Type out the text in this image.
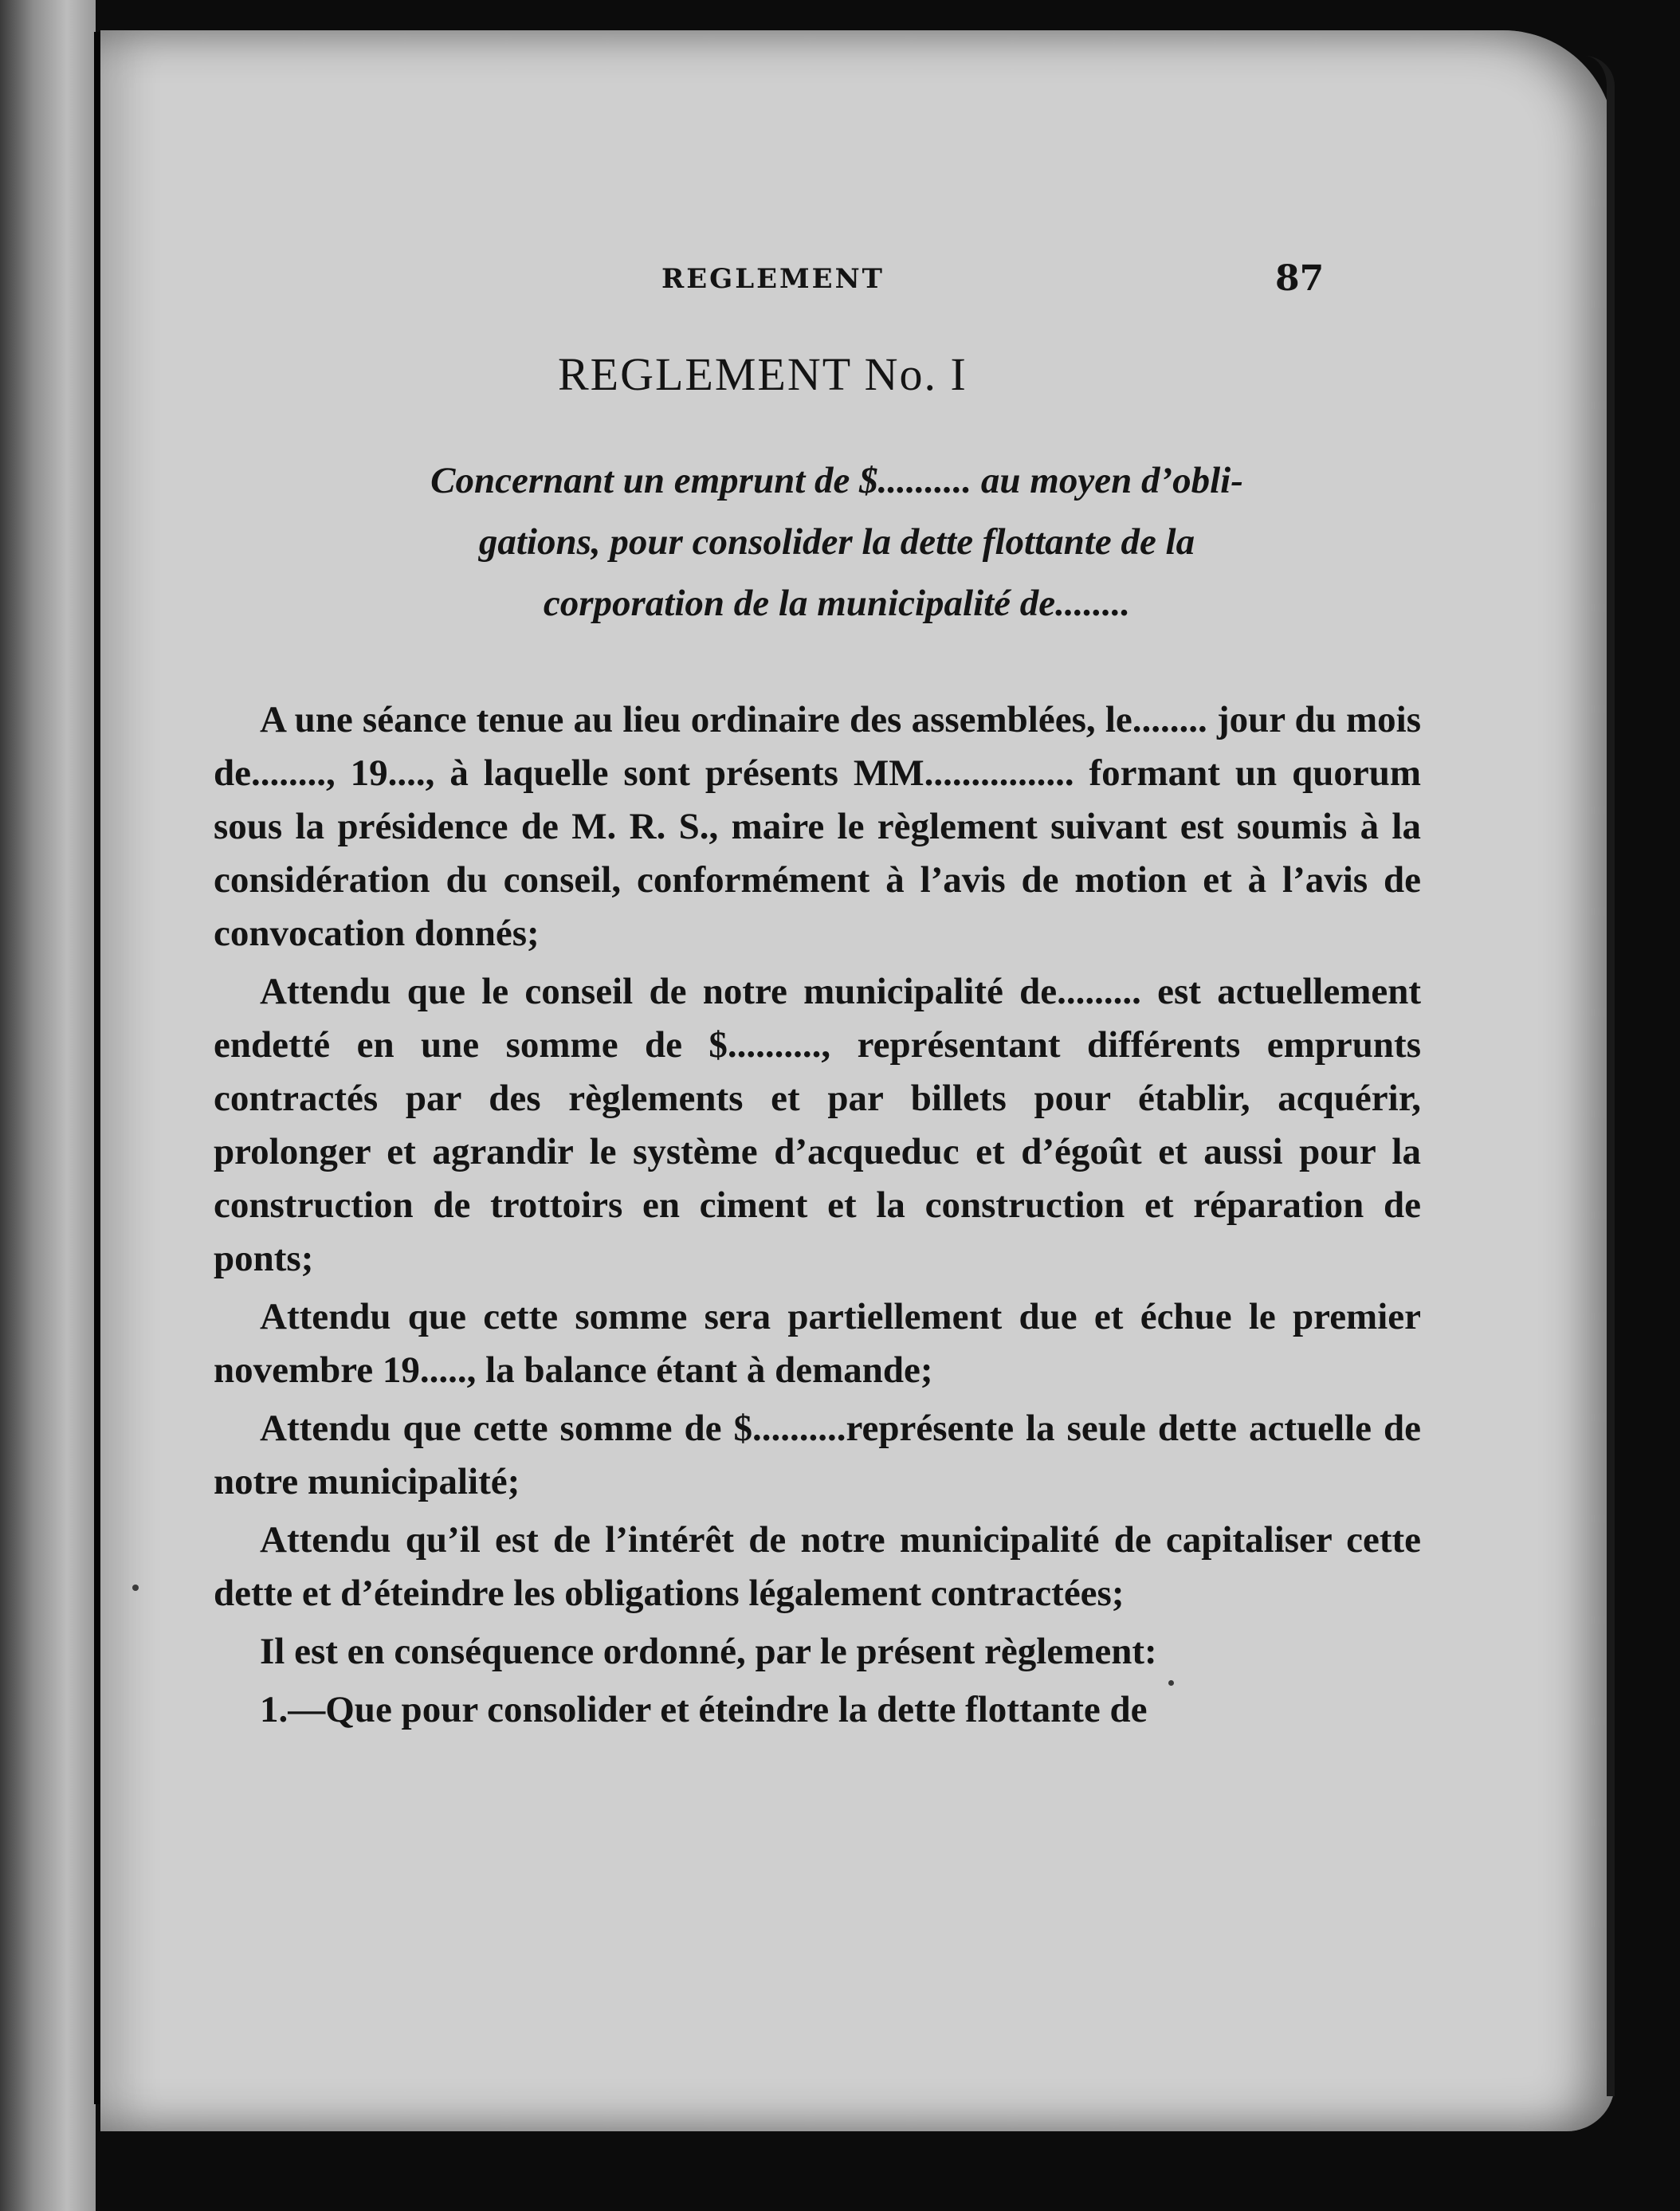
REGLEMENT	87
REGLEMENT No. I
Concernant un emprunt de $.......... au moyen d’obli-
gations, pour consolider la dette flottante de la
corporation de la municipalité de........

A une séance tenue au lieu ordinaire des assemblées, le........ jour du mois de........, 19...., à laquelle sont présents MM................ formant un quorum sous la présidence de M. R. S., maire le règlement suivant est soumis à la considération du conseil, conformément à l’avis de motion et à l’avis de convocation donnés;

Attendu que le conseil de notre municipalité de......... est actuellement endetté en une somme de $.........., représentant différents emprunts contractés par des règlements et par billets pour établir, acquérir, prolonger et agrandir le système d’acqueduc et d’égoût et aussi pour la construction de trottoirs en ciment et la construction et réparation de ponts;

Attendu que cette somme sera partiellement due et échue le premier novembre 19....., la balance étant à demande;

Attendu que cette somme de $..........représente la seule dette actuelle de notre municipalité;

Attendu qu’il est de l’intérêt de notre municipalité de capitaliser cette dette et d’éteindre les obligations légalement contractées;

Il est en conséquence ordonné, par le présent règlement:

1.—Que pour consolider et éteindre la dette flottante de
